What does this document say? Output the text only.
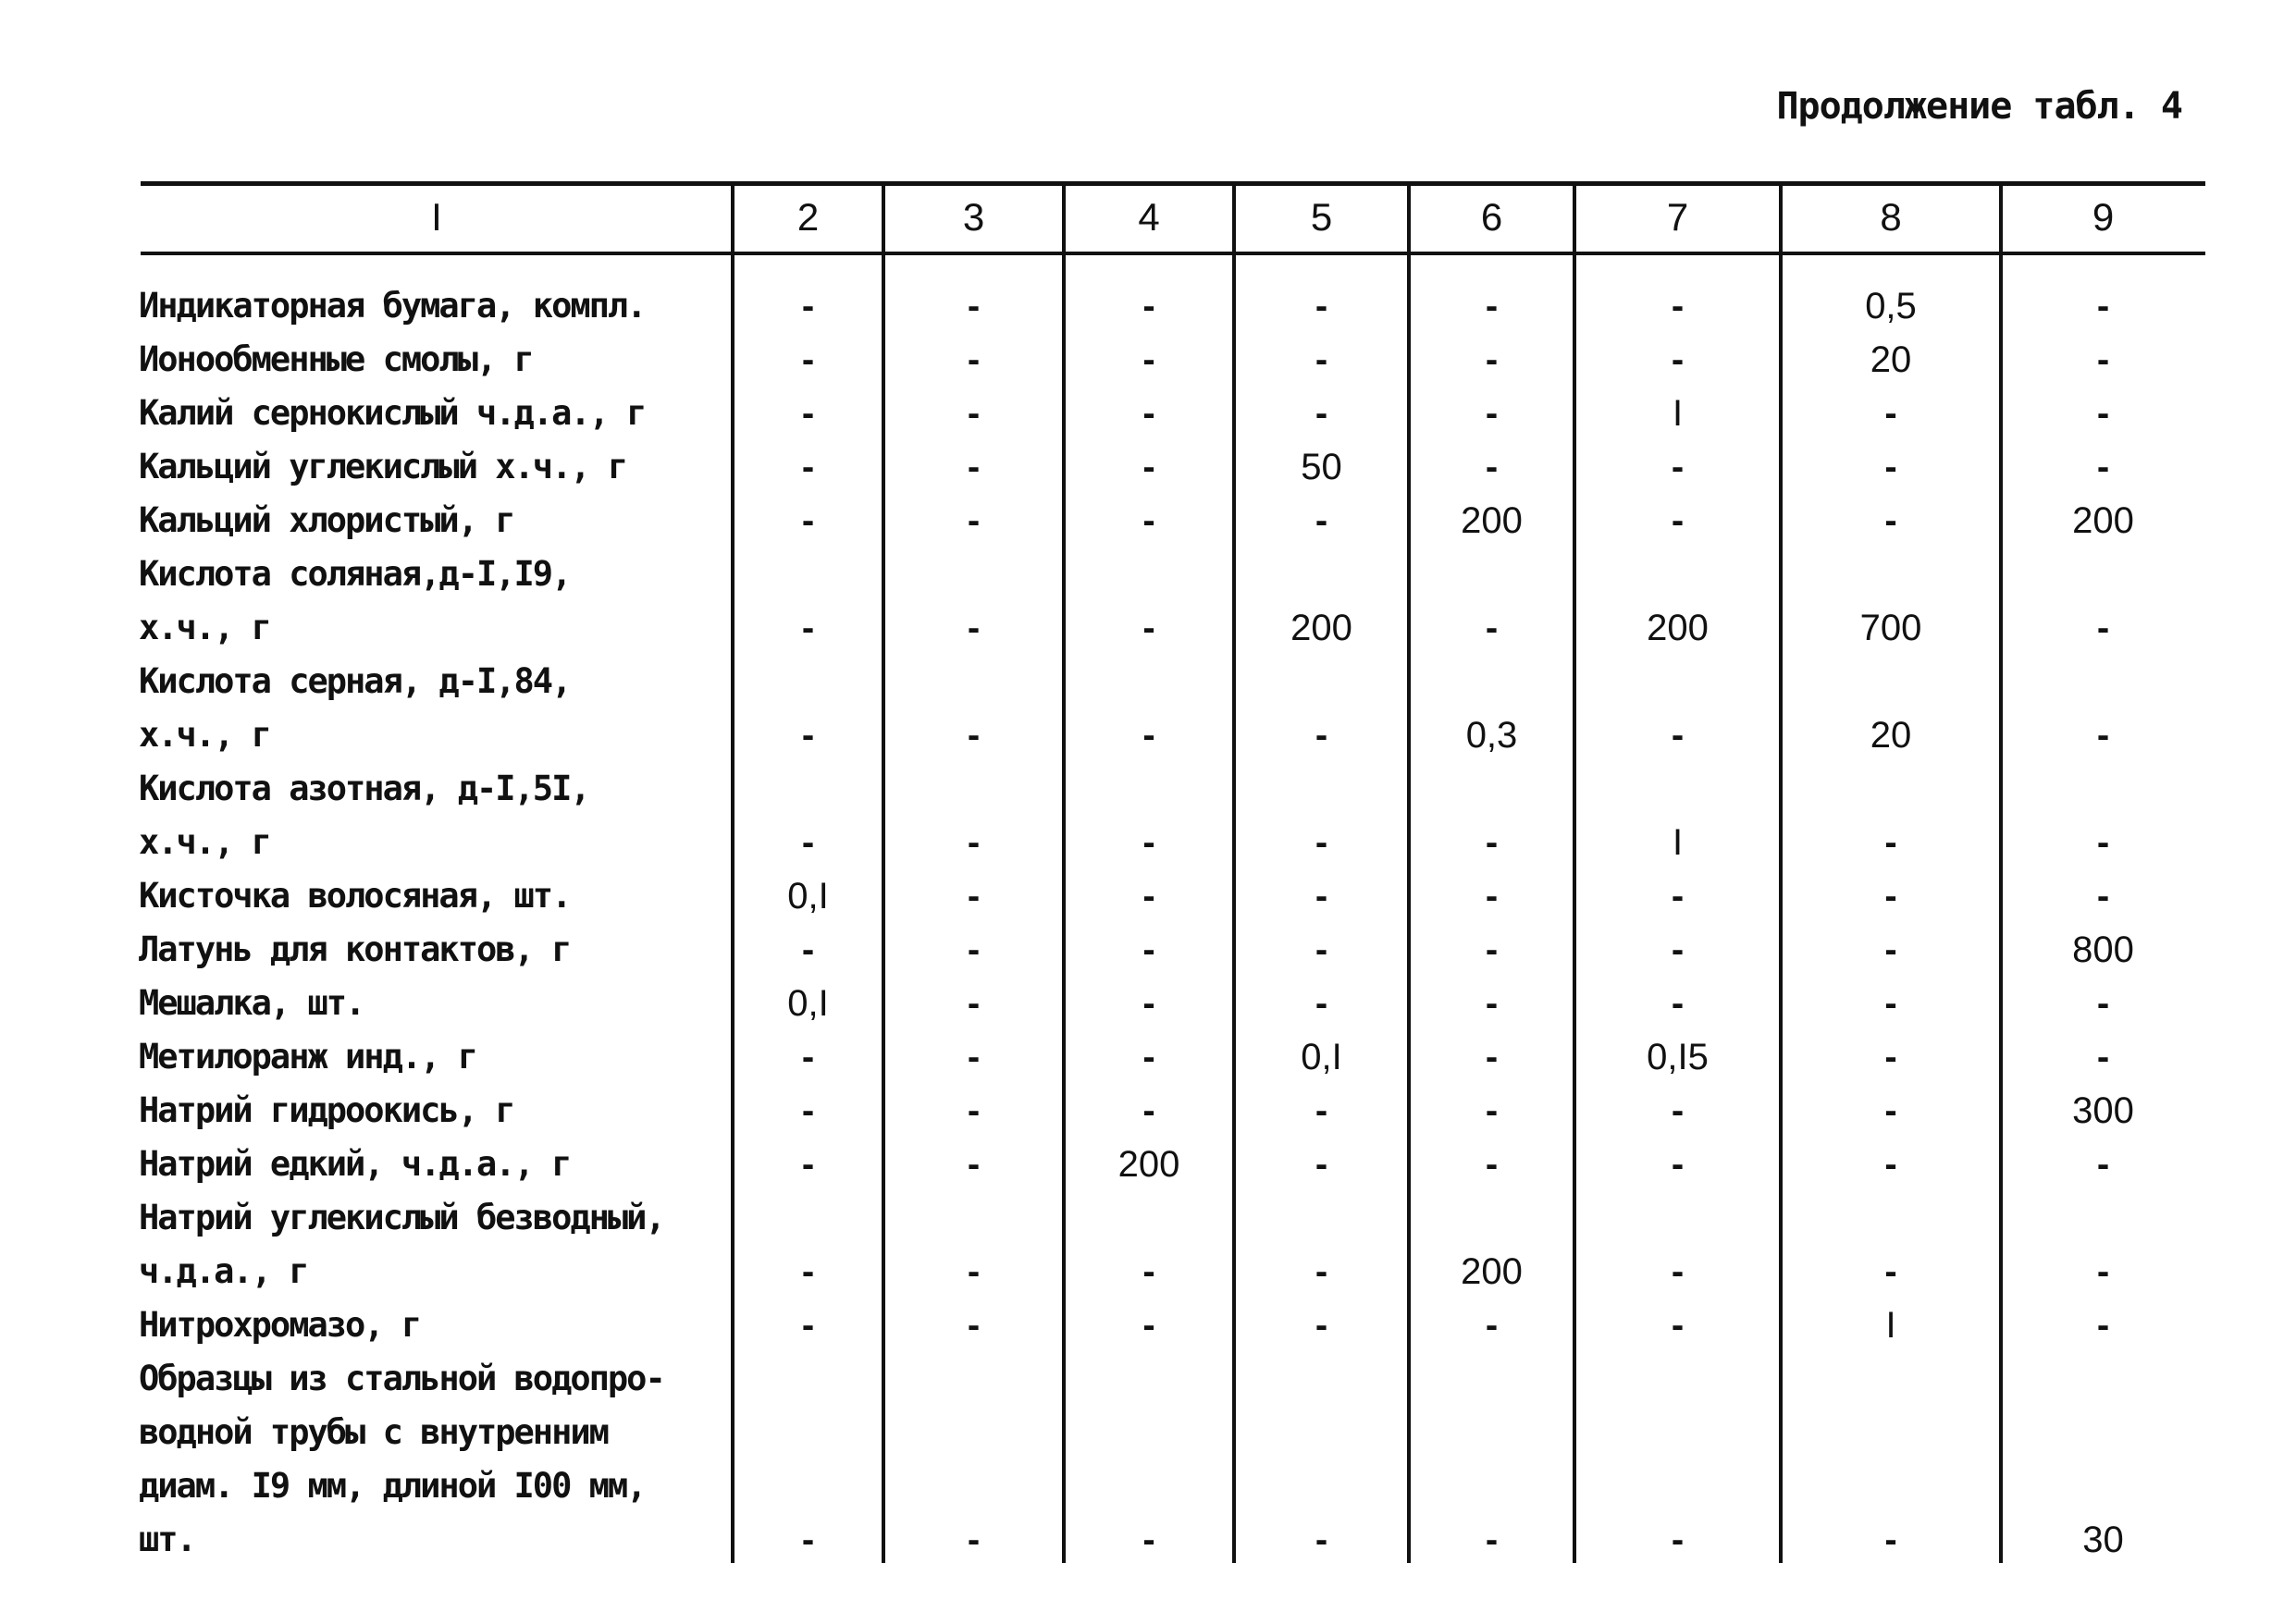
Продолжение табл. 4
I	2	3	4	5	6	7	8	9
Индикаторная бумага, компл.	-	-	-	-	-	-	0,5	-
Ионообменные смолы, г	-	-	-	-	-	-	20	-
Калий сернокислый ч.д.а., г	-	-	-	-	-	I	-	-
Кальций углекислый х.ч., г	-	-	-	50	-	-	-	-
Кальций хлористый, г	-	-	-	-	200	-	-	200
Кислота соляная,д-I,I9,
х.ч., г	-	-	-	200	-	200	700	-
Кислота серная, д-I,84,
х.ч., г	-	-	-	-	0,3	-	20	-
Кислота азотная, д-I,5I,
х.ч., г	-	-	-	-	-	I	-	-
Кисточка волосяная, шт.	0,I	-	-	-	-	-	-	-
Латунь для контактов, г	-	-	-	-	-	-	-	800
Мешалка, шт.	0,I	-	-	-	-	-	-	-
Метилоранж инд., г	-	-	-	0,I	-	0,I5	-	-
Натрий гидроокись, г	-	-	-	-	-	-	-	300
Натрий едкий, ч.д.а., г	-	-	200	-	-	-	-	-
Натрий углекислый безводный,
ч.д.а., г	-	-	-	-	200	-	-	-
Нитрохромазо, г	-	-	-	-	-	-	I	-
Образцы из стальной водопро-
водной трубы с внутренним
диам. I9 мм, длиной I00 мм,
шт.	-	-	-	-	-	-	-	30
